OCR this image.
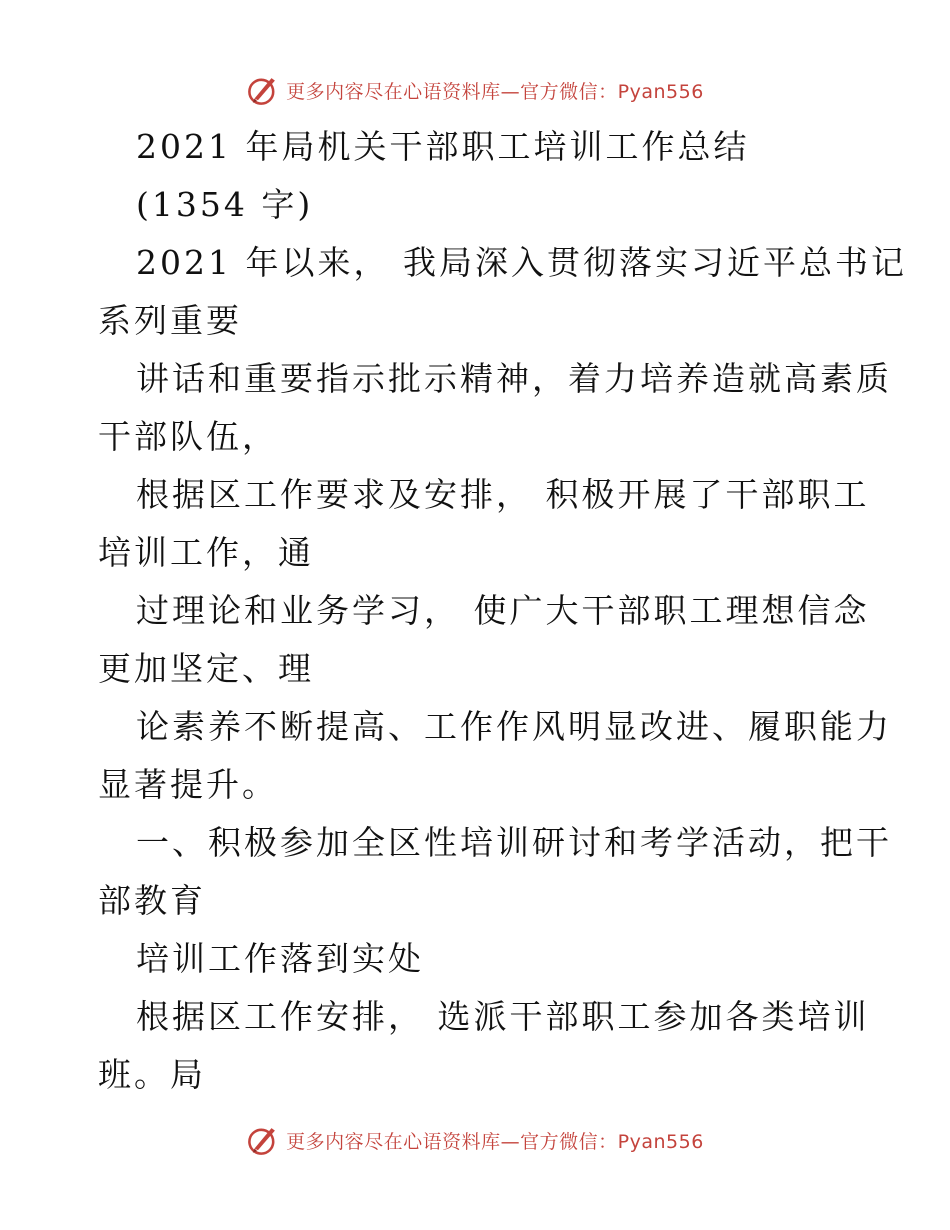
更多内容尽在心语资料库—官方微信：Pyan556
2021 年局机关干部职工培训工作总结
(1354 字)
2021 年以来， 我局深入贯彻落实习近平总书记
系列重要
讲话和重要指示批示精神，着力培养造就高素质
干部队伍，
根据区工作要求及安排， 积极开展了干部职工
培训工作，通
过理论和业务学习， 使广大干部职工理想信念
更加坚定、理
论素养不断提高、工作作风明显改进、履职能力
显著提升。
一、积极参加全区性培训研讨和考学活动，把干
部教育
培训工作落到实处
根据区工作安排， 选派干部职工参加各类培训
班。局
更多内容尽在心语资料库—官方微信：Pyan556
